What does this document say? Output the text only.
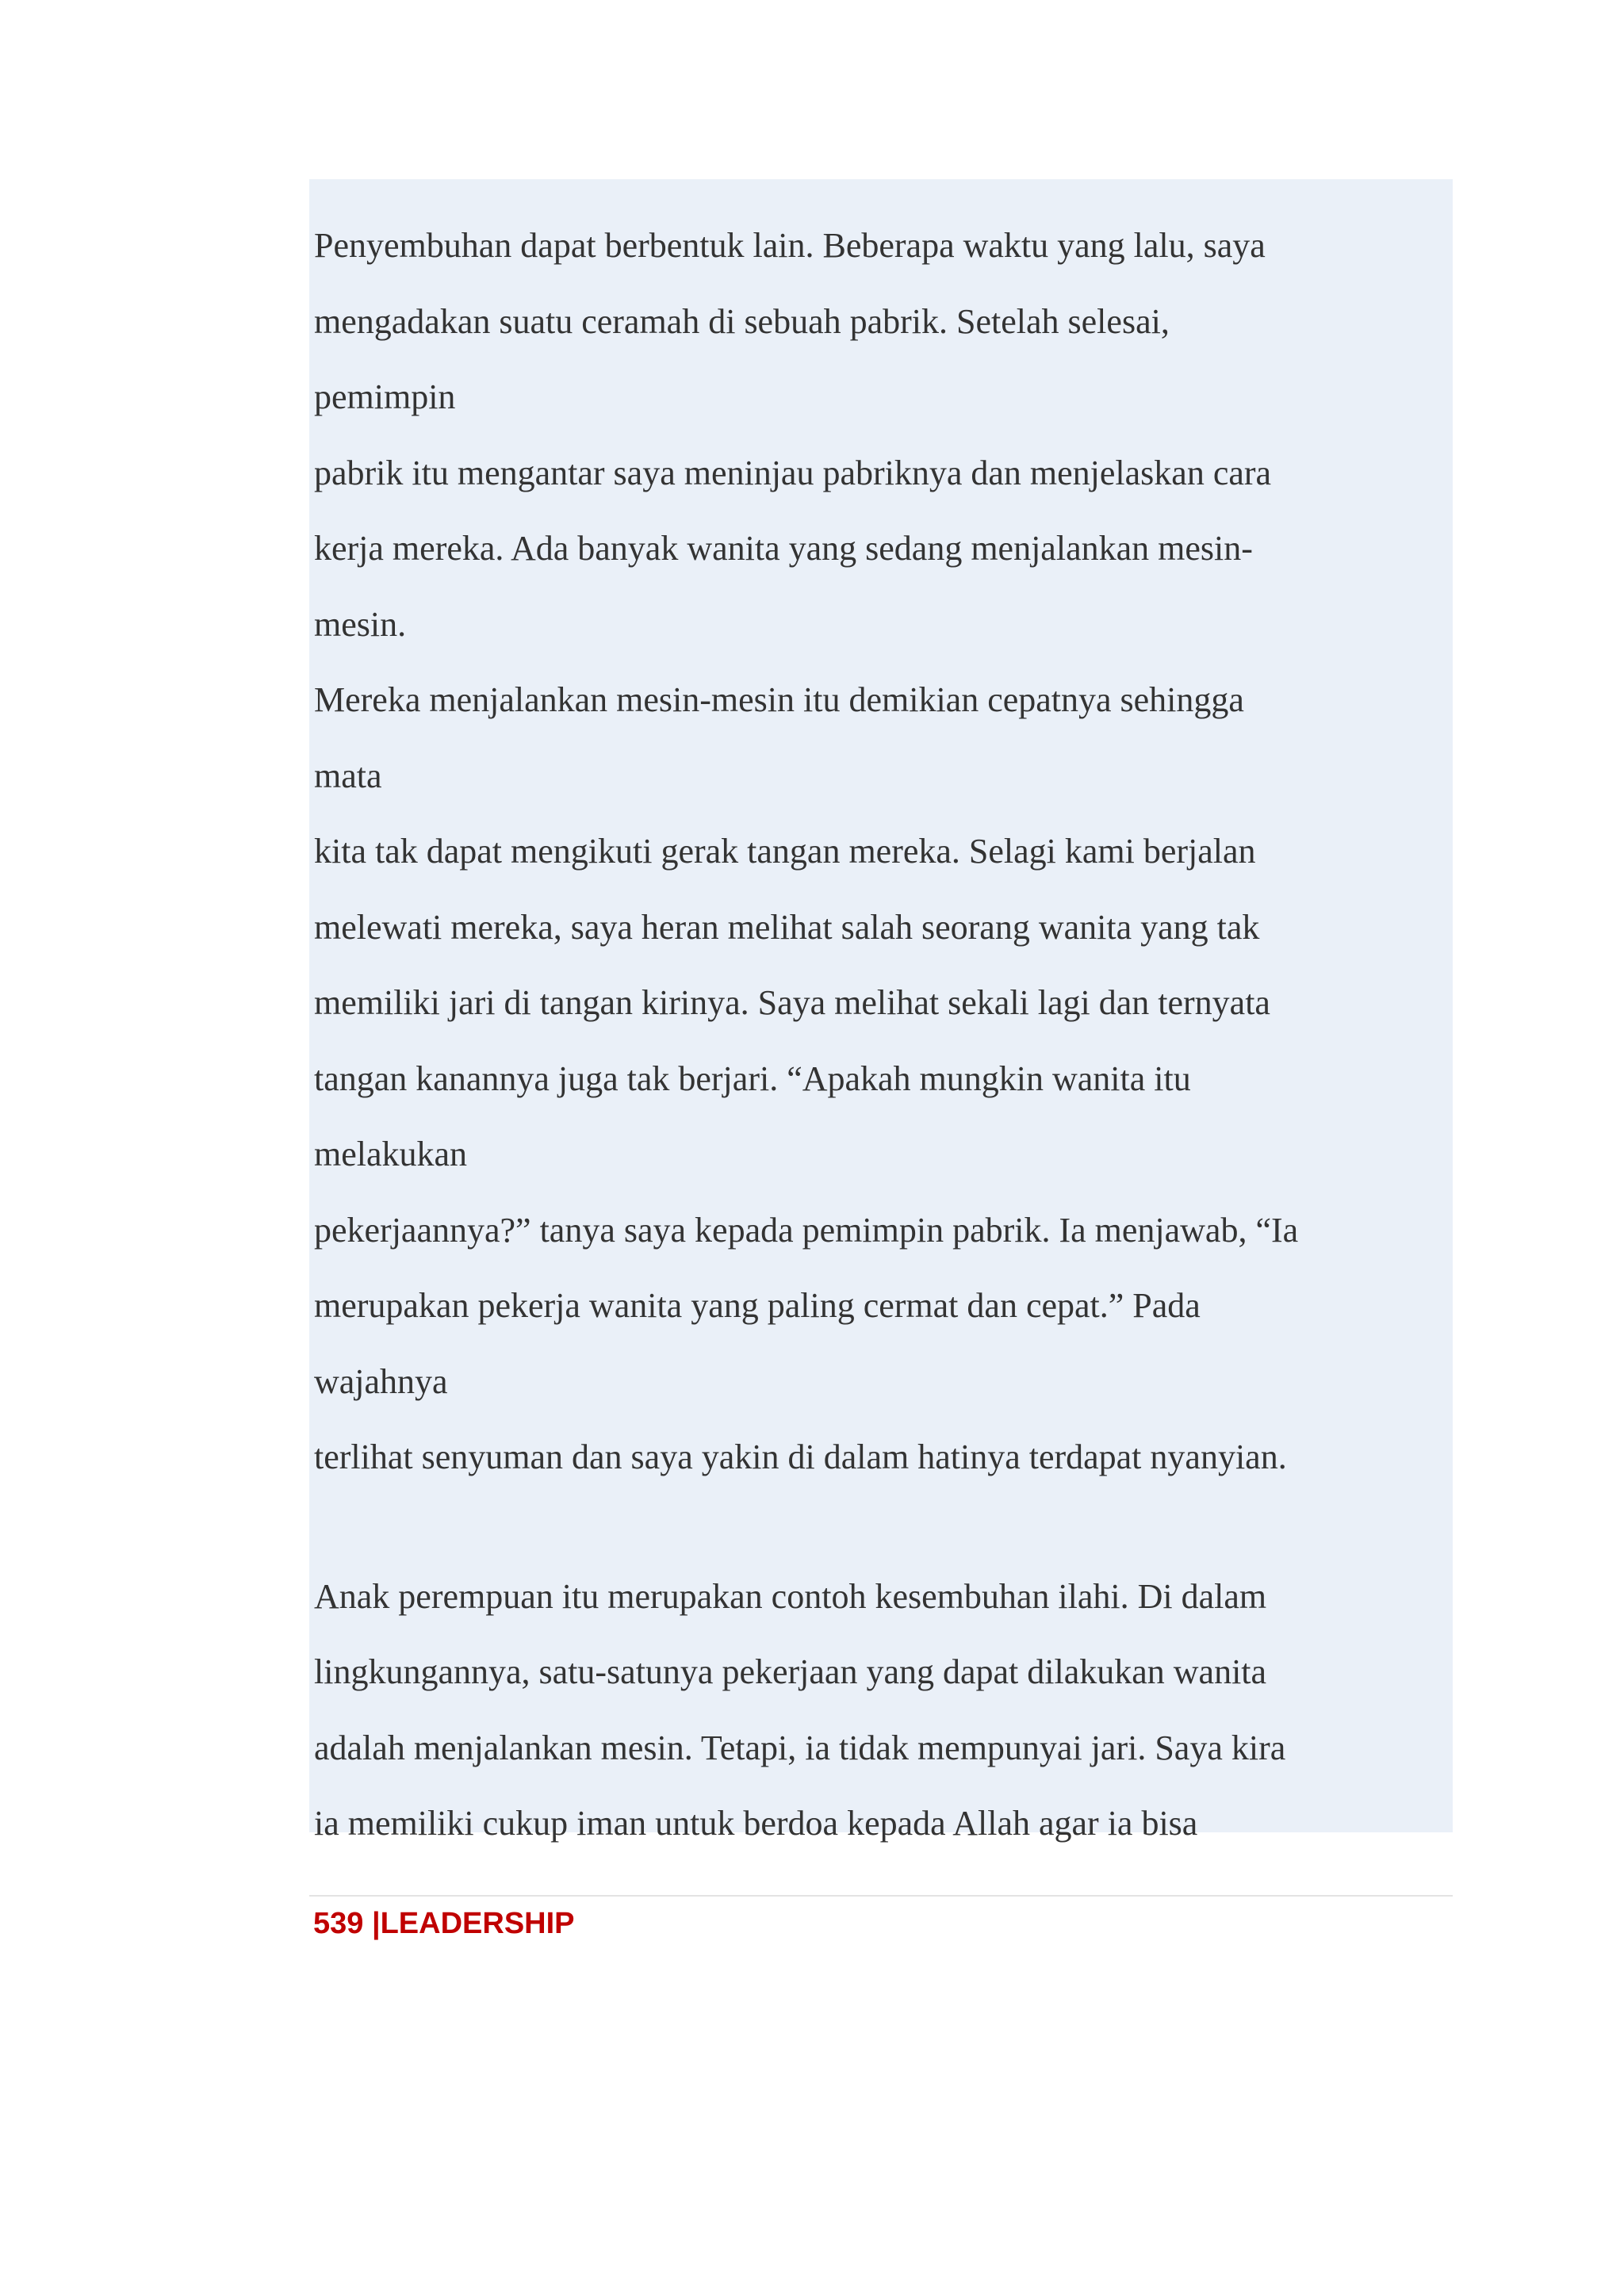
Penyembuhan dapat berbentuk lain. Beberapa waktu yang lalu, saya
mengadakan suatu ceramah di sebuah pabrik. Setelah selesai,
pemimpin
pabrik itu mengantar saya meninjau pabriknya dan menjelaskan cara
kerja mereka. Ada banyak wanita yang sedang menjalankan mesin-
mesin.
Mereka menjalankan mesin-mesin itu demikian cepatnya sehingga
mata
kita tak dapat mengikuti gerak tangan mereka. Selagi kami berjalan
melewati mereka, saya heran melihat salah seorang wanita yang tak
memiliki jari di tangan kirinya. Saya melihat sekali lagi dan ternyata
tangan kanannya juga tak berjari. “Apakah mungkin wanita itu
melakukan
pekerjaannya?” tanya saya kepada pemimpin pabrik. Ia menjawab, “Ia
merupakan pekerja wanita yang paling cermat dan cepat.” Pada
wajahnya
terlihat senyuman dan saya yakin di dalam hatinya terdapat nyanyian.
Anak perempuan itu merupakan contoh kesembuhan ilahi. Di dalam
lingkungannya, satu-satunya pekerjaan yang dapat dilakukan wanita
adalah menjalankan mesin. Tetapi, ia tidak mempunyai jari. Saya kira
ia memiliki cukup iman untuk berdoa kepada Allah agar ia bisa
539 |LEADERSHIP
